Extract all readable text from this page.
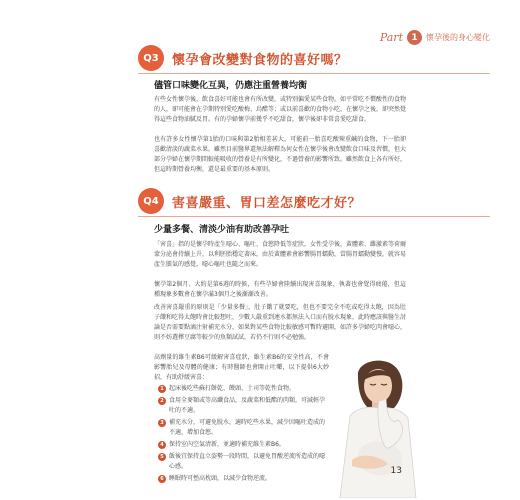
Part 1	懷孕後的身心變化
Q3	懷孕會改變對食物的喜好嗎？
儘管口味變化互異，仍應注重營養均衡
有些女性懷孕後，飲食喜好可能也會有所改變，或特別偏愛某些食物。如平常吃不慣酸性的食物的人，卻可能會在孕期特別愛吃酸梅、烏醋等；或以前喜歡的食物小吃，在懷孕之後，卻突然覺得這些食物油膩反胃。有的孕婦懷孕前幾乎不吃甜食，懷孕後卻非常喜愛吃甜食。
也有許多女性懷孕第1胎的口味與第2胎相差甚大，可能前一胎喜吃酸辣重鹹的食物，下一胎卻喜歡清淡的蔬菜水果。雖然目前醫界還無法解釋為何女性在懷孕後會改變飲食口味及習慣，但大部分孕婦在懷孕期間較能吸收的營養是有所變化，不過營養的影響所致。雖然飲食上各有所好，但這時期營養均衡，還是最重要的基本原則。
Q4	害喜嚴重、胃口差怎麼吃才好？
少量多餐、清淡少油有助改善孕吐
「害喜」指的是懷孕時產生噁心、嘔吐、食慾降低等症狀，女性受孕後，黃體素、雌激素等荷爾蒙分泌會持續上升，以利胚胎穩定著床，由於黃體素會影響腸胃蠕動，當腸胃蠕動變慢，就容易產生脹氣的感覺，噁心嘔吐也隨之而來。
懷孕第2個月、大約是第6週的時候，有些孕婦會陸續出現害喜現象，執著也會覺得疲倦，但這種現象多數會在懷孕滿3個月之後漸漸改善。
改善害喜嚴重的原則是「少量多餐」，肚子餓了就要吃，但也不要完全不吃或吃得太飽，因為肚子餓和吃得太飽時會比較想吐，少數人嚴重到連水都無法入口而有脫水現象，此時應該與醫生討論是否需要點滴注射補充水分，如果對某些食物比較敏感可暫時避開，如許多孕婦吃肉會噁心，則不妨選擇豆腐等較少的魚類試試，若仍不行則不必勉強。
高劑量的維生素B6可緩解害喜症狀，維生素B6的安全性高，不會影響胎兒及母體的健康；有時醫師也會開止吐藥，以下提供6大妙招，有助舒緩害喜：
1 起床後吃些蘇打餅乾、饅頭、土司等乾性食物。
2 食用全麥類或等高纖食品，及蔬菜和低酯的肉類，可減輕孕吐的不適。
3 補充水分，可避免脫水，適時吃些水果，減少因嘔吐造成的不適，增加食慾。
4 保持室內空氣清新，並適時補充維生素B6。
5 飯後宜保持直立姿勢一段時間，以避免胃酸逆流所造成的噁心感。
6 睡眠時可墊高枕頭，以減少食物逆流。
13
